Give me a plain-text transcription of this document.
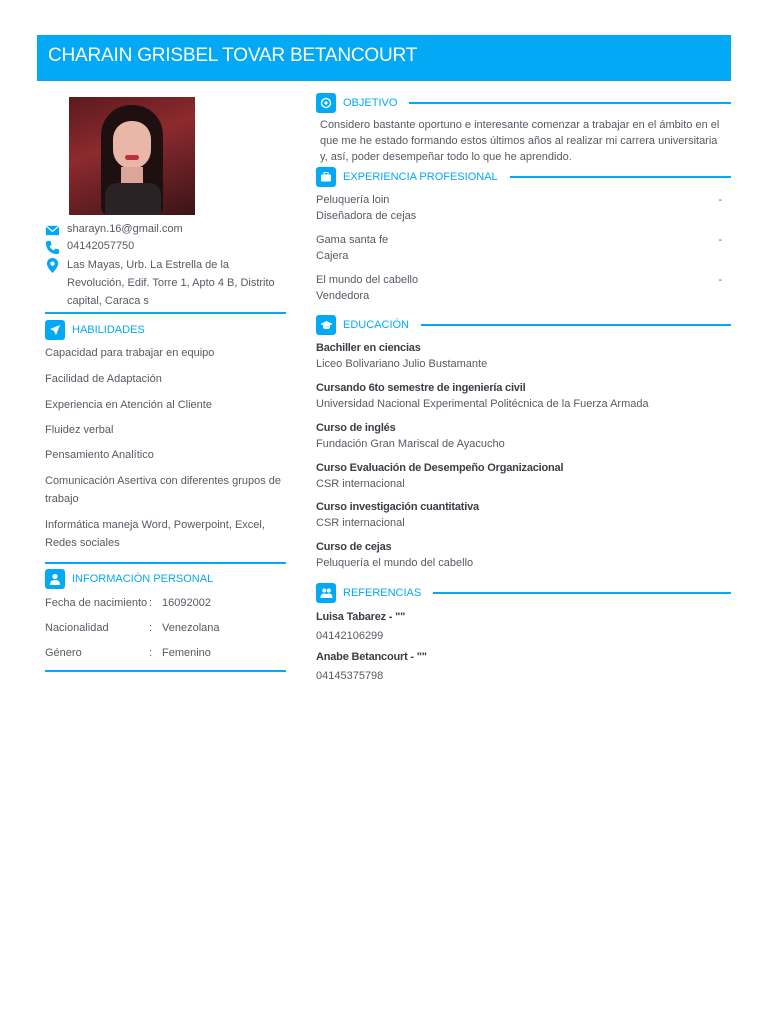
CHARAIN GRISBEL TOVAR BETANCOURT
sharayn.16@gmail.com
04142057750
Las Mayas, Urb. La Estrella de la Revolución, Edif. Torre 1, Apto 4 B, Distrito capital, Caraca s
HABILIDADES
Capacidad para trabajar en equipo
Facilidad de Adaptación
Experiencia en Atención al Cliente
Fluidez verbal
Pensamiento Analítico
Comunicación Asertiva con diferentes grupos de trabajo
Informática maneja Word, Powerpoint, Excel, Redes sociales
INFORMACIÓN PERSONAL
Fecha de nacimiento : 16092002
Nacionalidad	: Venezolana
Género	: Femenino
OBJETIVO
Considero bastante oportuno e interesante comenzar a trabajar en el ámbito en el que me he estado formando estos últimos años al realizar mi carrera universitaria y, así, poder desempeñar todo lo que he aprendido.
EXPERIENCIA PROFESIONAL
Peluquería loin
Diseñadora de cejas
-
Gama santa fe
Cajera
-
El mundo del cabello
Vendedora
-
EDUCACIÓN
Bachiller en ciencias
Liceo Bolivariano Julio Bustamante
Cursando 6to semestre de ingeniería civil
Universidad Nacional Experimental Politécnica de la Fuerza Armada
Curso de inglés
Fundación Gran Mariscal de Ayacucho
Curso Evaluación de Desempeño Organizacional
CSR internacional
Curso investigación cuantitativa
CSR internacional
Curso de cejas
Peluquería el mundo del cabello
REFERENCIAS
Luisa Tabarez - ""
04142106299
Anabe Betancourt - ""
04145375798
